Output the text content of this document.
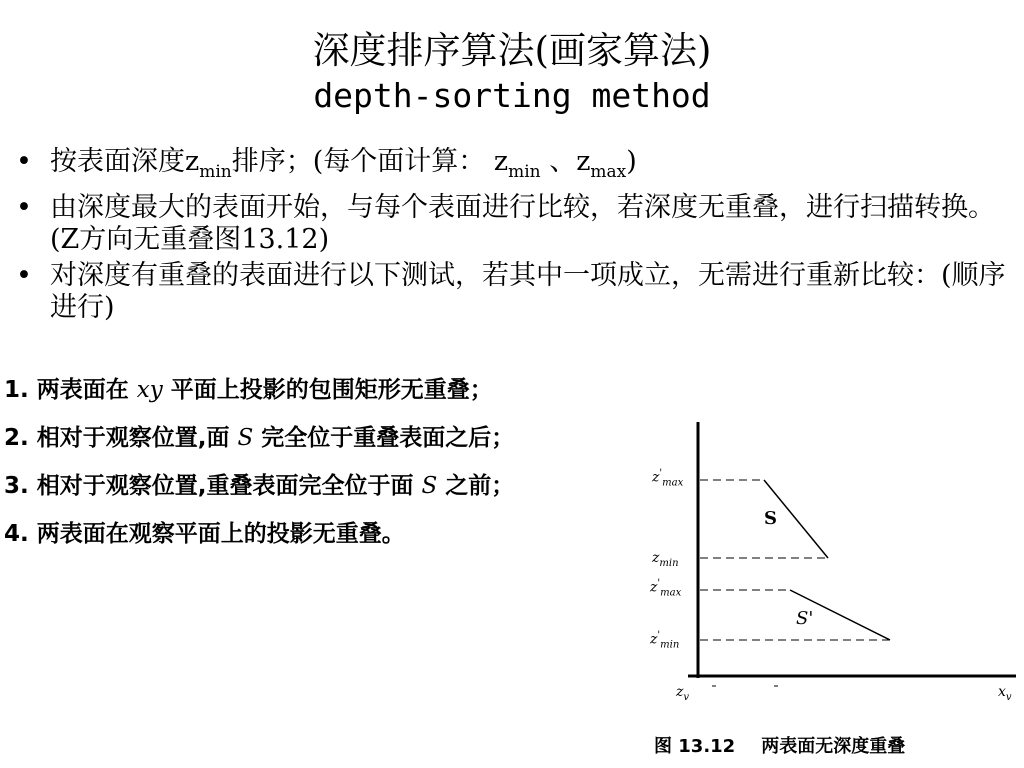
深度排序算法(画家算法)
depth-sorting method
• 按表面深度$z_{min}$排序；(每个面计算： $z_{min}$ 、$z_{max}$)
• 由深度最大的表面开始，与每个表面进行比较，若深度无重叠，进行扫描转换。(Z方向无重叠图13.12)
• 对深度有重叠的表面进行以下测试，若其中一项成立，无需进行重新比较：(顺序进行)
1. 两表面在 xy 平面上投影的包围矩形无重叠；
2. 相对于观察位置,面 S 完全位于重叠表面之后；
3. 相对于观察位置,重叠表面完全位于面 S 之前；
4. 两表面在观察平面上的投影无重叠。
$z'_{max}$
$z_{min}$
$z'_{max}$
$z'_{min}$
S
S'
$z_v$	$x_v$
图 13.12 两表面无深度重叠
